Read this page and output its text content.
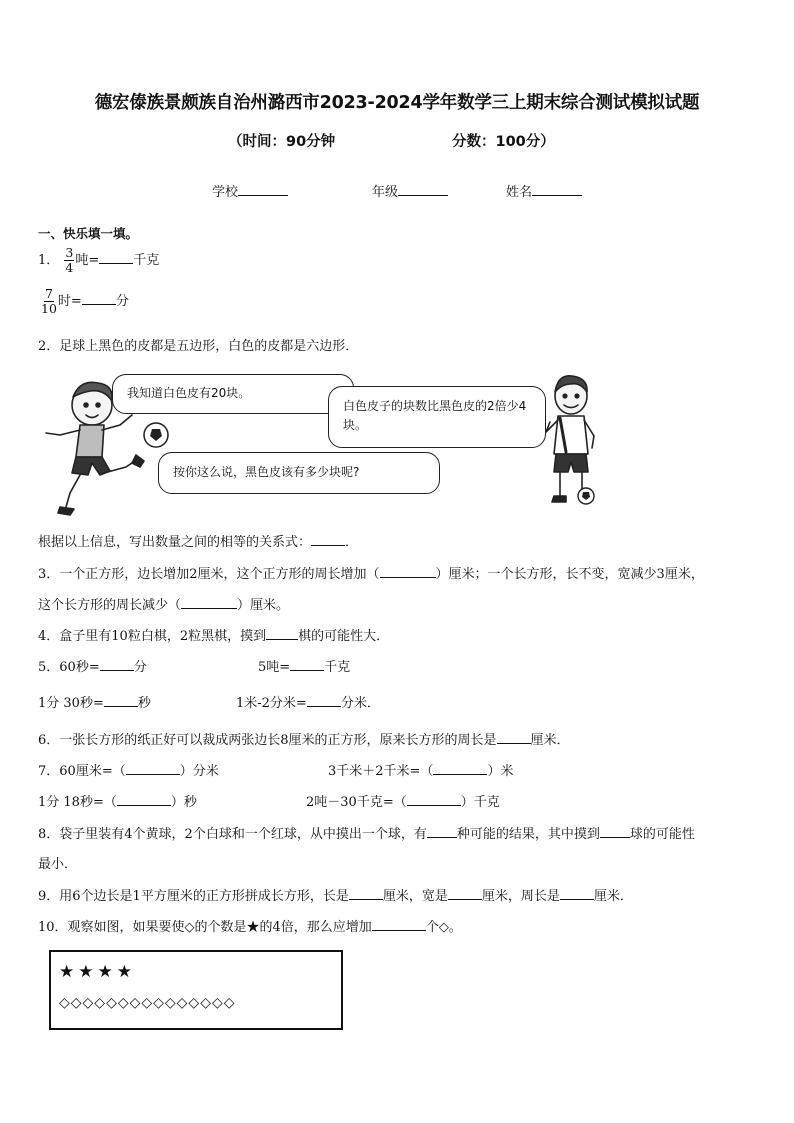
德宏傣族景颇族自治州潞西市2023-2024学年数学三上期末综合测试模拟试题
（时间：90分钟	分数：100分）
学校	年级	姓名
一、快乐填一填。
1． $\frac{3}{4}$ 吨=	千克
$\frac{7}{10}$ 时=	分
2．足球上黑色的皮都是五边形，白色的皮都是六边形．
我知道白色皮有20块。
白色皮子的块数比黑色皮的2倍少4块。
按你这么说，黑色皮该有多少块呢?
根据以上信息，写出数量之间的相等的关系式：	．
3．一个正方形，边长增加2厘米，这个正方形的周长增加（	）厘米；一个长方形，长不变，宽减少3厘米，
这个长方形的周长减少（	）厘米。
4．盒子里有10粒白棋，2粒黑棋，摸到 棋的可能性大．
5．60秒=	分	5吨=	千克
1分 30秒=	秒	1米-2分米=	分米．
6．一张长方形的纸正好可以裁成两张边长8厘米的正方形，原来长方形的周长是	厘米．
7．60厘米=（	）分米	3千米＋2千米=（	）米
1分 18秒=（	）秒	2吨－30千克=（	）千克
8．袋子里装有4个黄球，2个白球和一个红球，从中摸出一个球，有 种可能的结果，其中摸到 球的可能性
最小．
9．用6个边长是1平方厘米的正方形拼成长方形，长是	厘米，宽是	厘米，周长是	厘米．
10．观察如图，如果要使◇的个数是★的4倍，那么应增加	个◇。
★★★★
◇◇◇◇◇◇◇◇◇◇◇◇◇◇◇
